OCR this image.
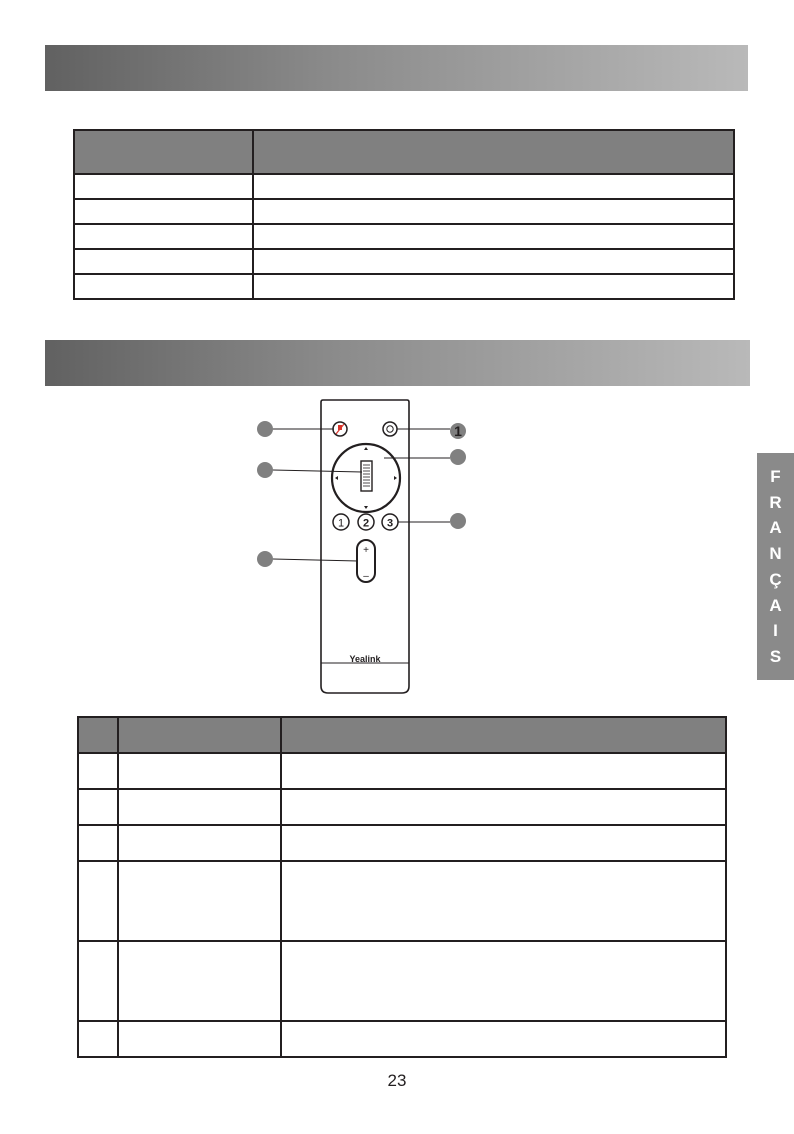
1 2 3
+
–
Yealink
1
F
R
A
N
Ç
A
I
S

23
